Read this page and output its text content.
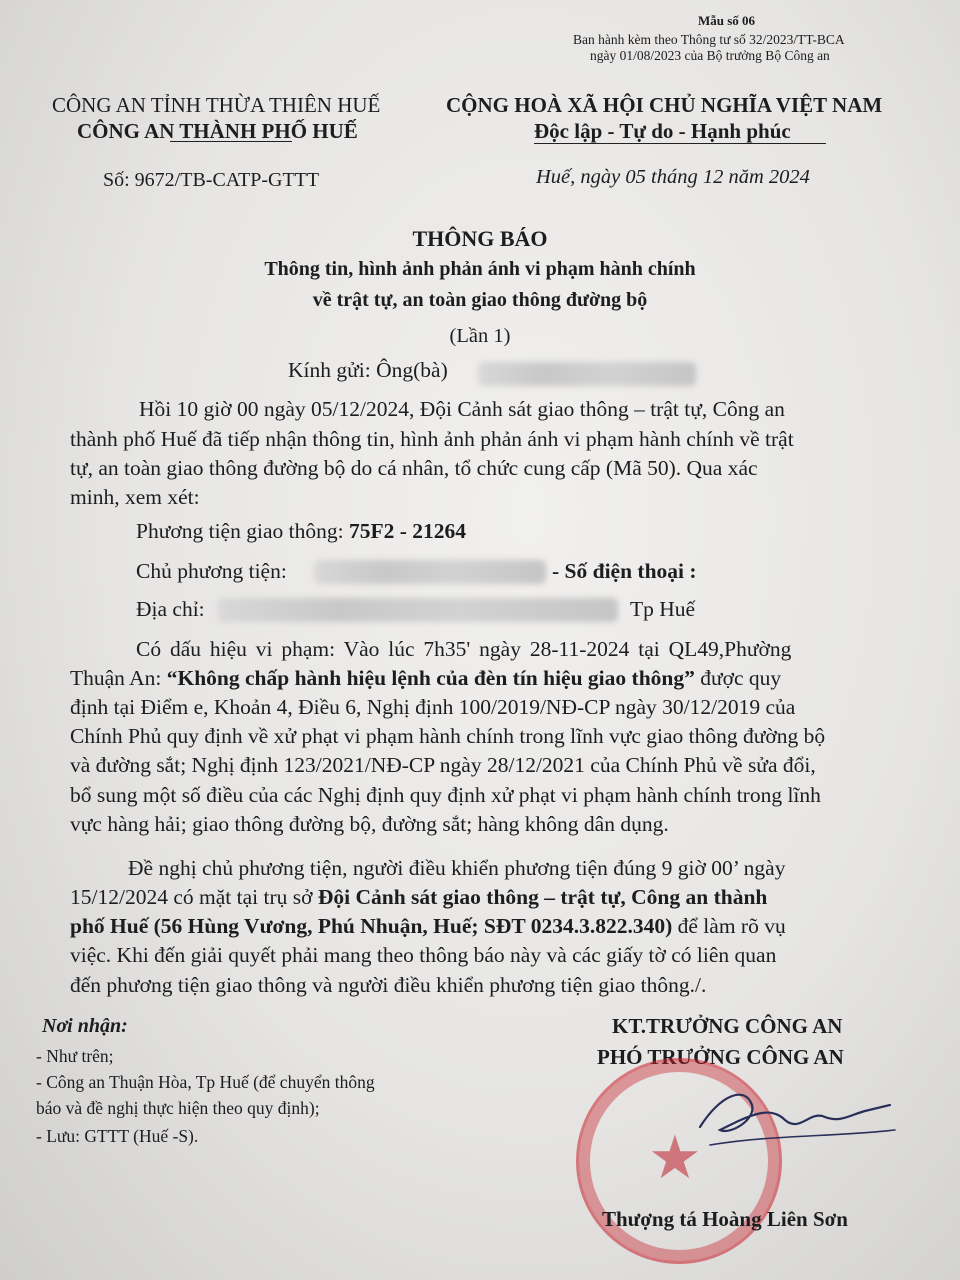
Mẫu số 06
Ban hành kèm theo Thông tư số 32/2023/TT-BCA
ngày 01/08/2023 của Bộ trưởng Bộ Công an
CÔNG AN TỈNH THỪA THIÊN HUẾ
CÔNG AN THÀNH PHỐ HUẾ
Số: 9672/TB-CATP-GTTT
CỘNG HOÀ XÃ HỘI CHỦ NGHĨA VIỆT NAM
Độc lập - Tự do - Hạnh phúc
Huế, ngày 05 tháng 12 năm 2024
THÔNG BÁO
Thông tin, hình ảnh phản ánh vi phạm hành chính
về trật tự, an toàn giao thông đường bộ
(Lần 1)
Kính gửi: Ông(bà)
Hồi 10 giờ 00 ngày 05/12/2024, Đội Cảnh sát giao thông – trật tự, Công an
thành phố Huế đã tiếp nhận thông tin, hình ảnh phản ánh vi phạm hành chính về trật
tự, an toàn giao thông đường bộ do cá nhân, tổ chức cung cấp (Mã 50). Qua xác
minh, xem xét:
Phương tiện giao thông: 75F2 - 21264
Chủ phương tiện:	- Số điện thoại :
Địa chỉ:	Tp Huế
Có dấu hiệu vi phạm: Vào lúc 7h35' ngày 28-11-2024 tại QL49,Phường
Thuận An: “Không chấp hành hiệu lệnh của đèn tín hiệu giao thông” được quy
định tại Điểm e, Khoản 4, Điều 6, Nghị định 100/2019/NĐ-CP ngày 30/12/2019 của
Chính Phủ quy định về xử phạt vi phạm hành chính trong lĩnh vực giao thông đường bộ
và đường sắt; Nghị định 123/2021/NĐ-CP ngày 28/12/2021 của Chính Phủ về sửa đổi,
bổ sung một số điều của các Nghị định quy định xử phạt vi phạm hành chính trong lĩnh
vực hàng hải; giao thông đường bộ, đường sắt; hàng không dân dụng.
Đề nghị chủ phương tiện, người điều khiển phương tiện đúng 9 giờ 00’ ngày
15/12/2024 có mặt tại trụ sở Đội Cảnh sát giao thông – trật tự, Công an thành
phố Huế (56 Hùng Vương, Phú Nhuận, Huế; SĐT 0234.3.822.340) để làm rõ vụ
việc. Khi đến giải quyết phải mang theo thông báo này và các giấy tờ có liên quan
đến phương tiện giao thông và người điều khiển phương tiện giao thông./.
Nơi nhận:
- Như trên;
- Công an Thuận Hòa, Tp Huế (để chuyển thông
báo và đề nghị thực hiện theo quy định);
- Lưu: GTTT (Huế -S).
KT.TRƯỞNG CÔNG AN
PHÓ TRƯỞNG CÔNG AN
★
Thượng tá Hoàng Liên Sơn
